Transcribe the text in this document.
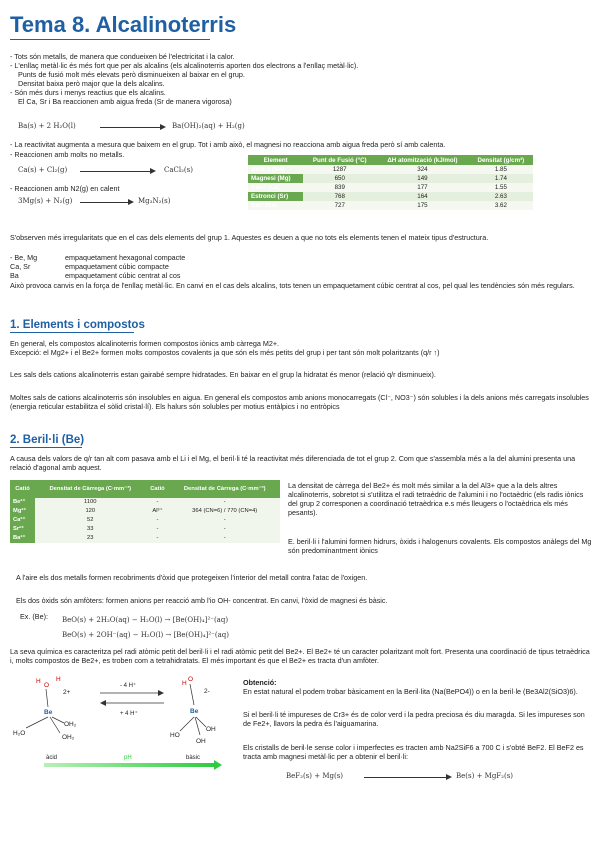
Tema 8. Alcalinoterris

- Tots són metalls, de manera que condueixen bé l'electricitat i la calor.

- L'enllaç metàl·lic és més fort que per als alcalins (els alcalinoterris aporten dos electrons a l'enllaç metàl·lic).

Punts de fusió molt més elevats però disminueixen al baixar en el grup.

Densitat baixa però major que la dels alcalins.

- Són més durs i menys reactius que els alcalins.

El Ca, Sr i Ba reaccionen amb aigua freda (Sr de manera vigorosa)

Ba(s) + 2 H₂O(l)	Ba(OH)₂(aq) + H₂(g)

- La reactivitat augmenta a mesura que baixem en el grup. Tot i amb això, el magnesi no reacciona amb aigua freda però sí amb calenta.

- Reaccionen amb molts no metalls.

Ca(s) + Cl₂(g)	CaCl₂(s)

- Reaccionen amb N2(g) en calent

3Mg(s) + N₂(g)	Mg₃N₂(s)
Element	Punt de Fusió (°C)	ΔH atomització (kJ/mol)	Densitat (g/cm³)
Beril·li (Be)	1287	324	1.85
Magnesi (Mg)	650	149	1.74
Calci (Ca)	839	177	1.55
Estronci (Sr)	768	164	2.63
Bari (Ba)	727	175	3.62

S'observen més irregularitats que en el cas dels elements del grup 1. Aquestes es deuen a que no tots els elements tenen el mateix tipus d'estructura.

- Be, Mg	empaquetament hexagonal compacte

Ca, Sr	empaquetament cúbic compacte

Ba	empaquetament cúbic centrat al cos

Això provoca canvis en la força de l'enllaç metàl·lic. En canvi en el cas dels alcalins, tots tenen un empaquetament cúbic centrat al cos, pel qual les tendències són més regulars.

1. Elements i compostos

En general, els compostos alcalinoterris formen compostos iònics amb càrrega M2+.

Excepció: el Mg2+ i el Be2+ formen molts compostos covalents ja que són els més petits del grup i per tant són molt polaritzants (q/r ↑)

Les sals dels cations alcalinoterris estan gairabé sempre hidratades. En baixar en el grup la hidratat és menor (relació q/r disminueix).

Moltes sals de cations alcalinoterris són insolubles en aigua. En general els compostos amb anions monocarregats (Cl⁻, NO3⁻) són solubles i la dels anions més carregats insolubles (energia reticular estabilitza el sòlid cristal·lí). Els halurs són solubles per motius entàlpics i no entròpics

2. Beril·li (Be)

A causa dels valors de q/r tan alt com pasava amb el Li i el Mg, el beril·li té la reactivitat més diferenciada de tot el grup 2. Com que s'assembla més a la del alumini presenta una relació d'agonal amb aquest.

Catió	Densitat de Càrrega (C·mm⁻³)	Catió	Densitat de Càrrega (C·mm⁻³)
Be²⁺	1100	-	-
Mg²⁺	120	Al³⁺	364 (CN=6) / 770 (CN=4)
Ca²⁺	52	-	-
Sr²⁺	33	-	-
Ba²⁺	23	-	-

La densitat de càrrega del Be2+ és molt més similar a la del Al3+ que a la dels altres alcalinoterris, sobretot si s'utilitza el radi tetraèdric de l'alumini i no l'octaèdric (els radis iònics del grup 2 corresponen a coordinació tetraèdrica e.s més lleugers o l'octaèdrica els més pesants).

E. beril·li i l'alumini formen hidrurs, òxids i halogenurs covalents. Els compostos anàlegs del Mg són predominantment iònics

A l'aire els dos metalls formen recobriments d'òxid que protegeixen l'interior del metall contra l'atac de l'oxigen.

Els dos òxids són amfòters: formen anions per reacció amb l'io OH- concentrat. En canvi, l'òxid de magnesi és bàsic.

Ex. (Be): BeO(s) + 2H₂O(aq) − H₂O(l) → [Be(OH)₄]²⁻(aq)
BeO(s) + 2OH⁻(aq) − H₂O(l) → [Be(OH)₄]²⁻(aq)

La seva química es caracteritza pel radi atòmic petit del beril·li i el radi atòmic petit del Be2+. El Be2+ té un caracter polaritzant molt fort. Presenta una coordinació de tipus tetraèdrica i, molts compostos de Be2+, es troben com a tetrahidratats. El més important és que el Be2+ es tracta d'un amfòter.

H
O
H
2+
Be
H₂O
OH₂
OH₂
- 4 H⁺
+ 4 H⁺
O
H
2-
Be
HO
OH
OH
àcid	pH	bàsic
Obtenció:

En estat natural el podem trobar bàsicament en la Beril·lita (Na(BePO4)) o en la beril·le (Be3Al2(SiO3)6).

Si el beril·li té impureses de Cr3+ és de color verd i la pedra preciosa és diu maragda. Si les impureses son de Fe2+, llavors la pedra és l'aiguamarina.

Els cristalls de beril·le sense color i imperfectes es tracten amb Na2SiF6 a 700 C i s'obté BeF2. El BeF2 es tracta amb magnesi metàl·lic per a obtenir el beril·li:

BeF₂(s) + Mg(s)	Be(s) + MgF₂(s)
